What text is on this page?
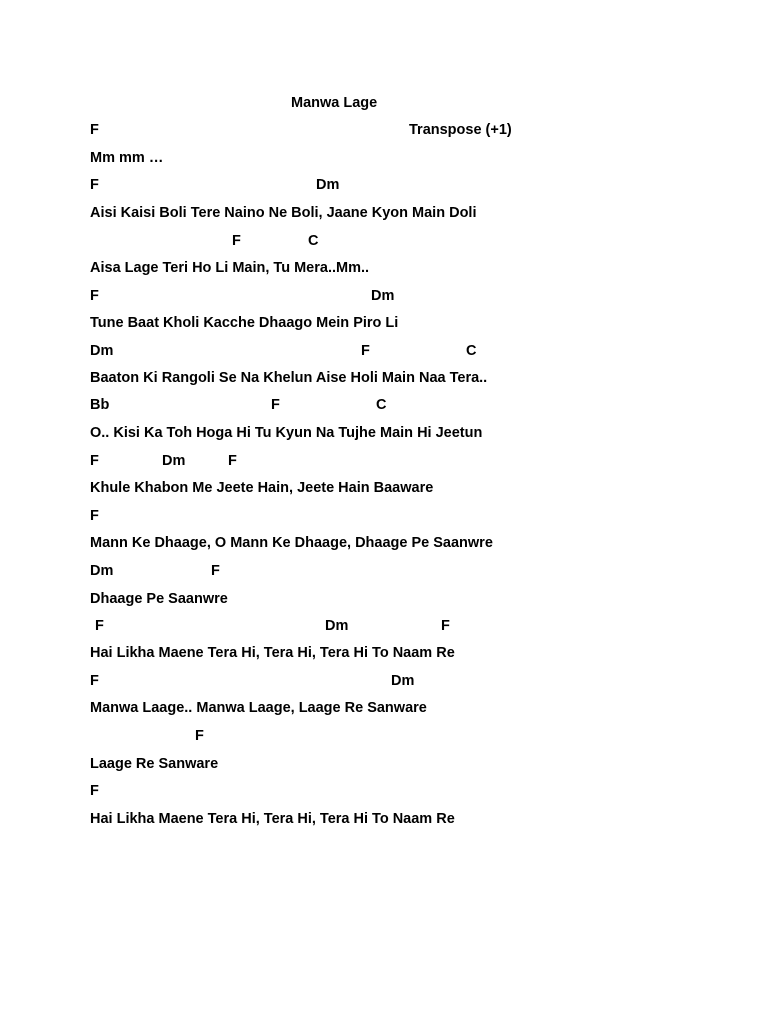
Manwa Lage
Transpose (+1)
F
Mm mm …
F	Dm
Aisi Kaisi Boli Tere Naino Ne Boli, Jaane Kyon Main Doli
F	C
Aisa Lage Teri Ho Li Main, Tu Mera..Mm..
F	Dm
Tune Baat Kholi Kacche Dhaago Mein Piro Li
Dm	F	C
Baaton Ki Rangoli Se Na Khelun Aise Holi Main Naa Tera..
Bb	F	C
O.. Kisi Ka Toh Hoga Hi Tu Kyun Na Tujhe Main Hi Jeetun
F	Dm	F
Khule Khabon Me Jeete Hain, Jeete Hain Baaware
F
Mann Ke Dhaage, O Mann Ke Dhaage, Dhaage Pe Saanwre
Dm	F
Dhaage Pe Saanwre
F	Dm	F
Hai Likha Maene Tera Hi, Tera Hi, Tera Hi To Naam Re
F	Dm
Manwa Laage.. Manwa Laage, Laage Re Sanware
F
Laage Re Sanware
F
Hai Likha Maene Tera Hi, Tera Hi, Tera Hi To Naam Re
